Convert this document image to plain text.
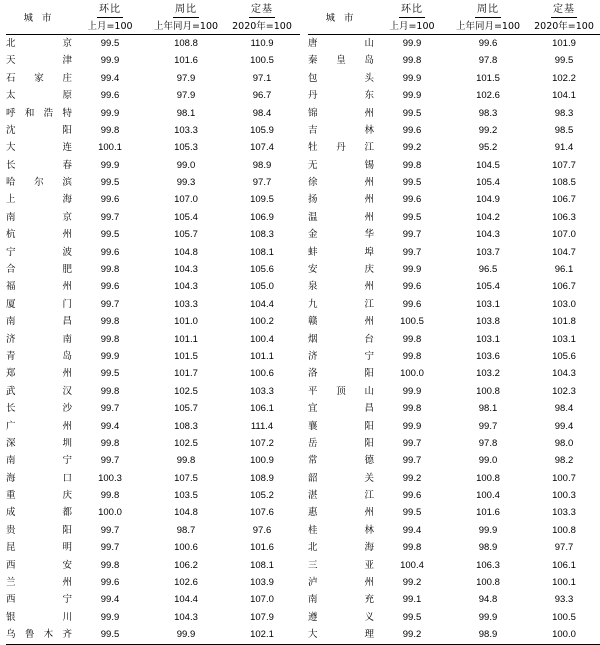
城 市	环比	周比	定基		城 市	环比	周比	定基
	上月=100	上年同月=100	2020年=100			上月=100	上年同月=100	2020年=100
北京	99.5	108.8	110.9		唐山	99.9	99.6	101.9
天津	99.9	101.6	100.5		秦皇岛	99.8	97.8	99.5
石家庄	99.4	97.9	97.1		包头	99.9	101.5	102.2
太原	99.6	97.9	96.7		丹东	99.9	102.6	104.1
呼和浩特	99.9	98.1	98.4		锦州	99.5	98.3	98.3
沈阳	99.8	103.3	105.9		吉林	99.6	99.2	98.5
大连	100.1	105.3	107.4		牡丹江	99.2	95.2	91.4
长春	99.9	99.0	98.9		无锡	99.8	104.5	107.7
哈尔滨	99.5	99.3	97.7		徐州	99.5	105.4	108.5
上海	99.6	107.0	109.5		扬州	99.6	104.9	106.7
南京	99.7	105.4	106.9		温州	99.5	104.2	106.3
杭州	99.5	105.7	108.3		金华	99.7	104.3	107.0
宁波	99.6	104.8	108.1		蚌埠	99.7	103.7	104.7
合肥	99.8	104.3	105.6		安庆	99.9	96.5	96.1
福州	99.6	104.3	105.0		泉州	99.6	105.4	106.7
厦门	99.7	103.3	104.4		九江	99.6	103.1	103.0
南昌	99.8	101.0	100.2		赣州	100.5	103.8	101.8
济南	99.8	101.1	100.4		烟台	99.8	103.1	103.1
青岛	99.9	101.5	101.1		济宁	99.8	103.6	105.6
郑州	99.5	101.7	100.6		洛阳	100.0	103.2	104.3
武汉	99.8	102.5	103.3		平顶山	99.9	100.8	102.3
长沙	99.7	105.7	106.1		宜昌	99.8	98.1	98.4
广州	99.4	108.3	111.4		襄阳	99.9	99.7	99.4
深圳	99.8	102.5	107.2		岳阳	99.7	97.8	98.0
南宁	99.7	99.8	100.9		常德	99.7	99.0	98.2
海口	100.3	107.5	108.9		韶关	99.2	100.8	100.7
重庆	99.8	103.5	105.2		湛江	99.6	100.4	100.3
成都	100.0	104.8	107.6		惠州	99.5	101.6	103.3
贵阳	99.7	98.7	97.6		桂林	99.4	99.9	100.8
昆明	99.7	100.6	101.6		北海	99.8	98.9	97.7
西安	99.8	106.2	108.1		三亚	100.4	106.3	106.1
兰州	99.6	102.6	103.9		泸州	99.2	100.8	100.1
西宁	99.4	104.4	107.0		南充	99.1	94.8	93.3
银川	99.9	104.3	107.9		遵义	99.5	99.9	100.5
乌鲁木齐	99.5	99.9	102.1		大理	99.2	98.9	100.0
